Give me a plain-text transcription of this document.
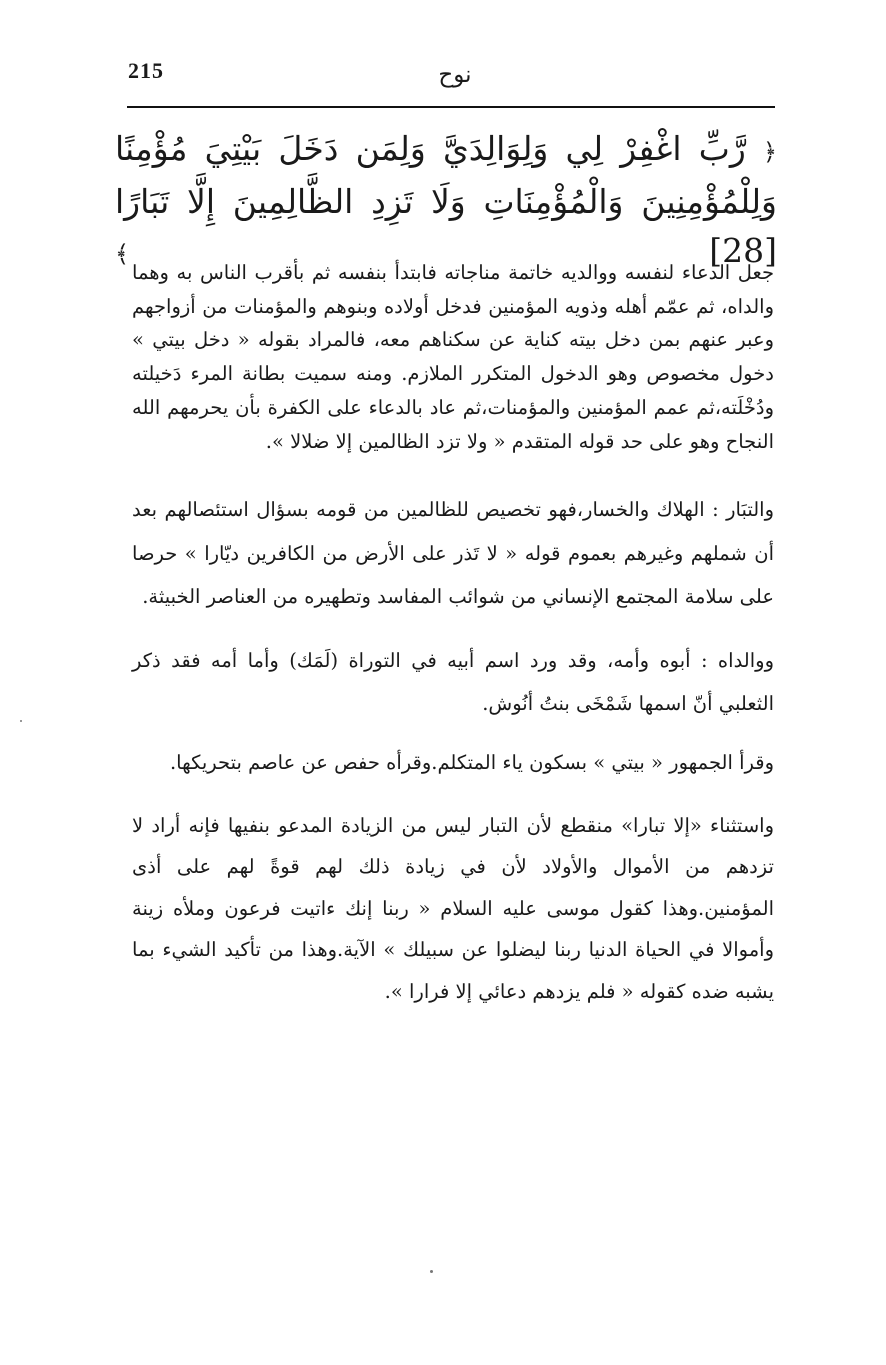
215	نوح
﴿ رَّبِّ اغْفِرْ لِي وَلِوَالِدَيَّ وَلِمَن دَخَلَ بَيْتِيَ مُؤْمِنًا وَلِلْمُؤْمِنِينَ وَالْمُؤْمِنَاتِ وَلَا تَزِدِ الظَّالِمِينَ إِلَّا تَبَارًا [28] ﴾

جعل الدعاء لنفسه ووالديه خاتمة مناجاته فابتدأ بنفسه ثم بأقرب الناس به وهما والداه، ثم عمّم أهله وذويه المؤمنين فدخل أولاده وبنوهم والمؤمنات من أزواجهم وعبر عنهم بمن دخل بيته كناية عن سكناهم معه، فالمراد بقوله « دخل بيتي » دخول مخصوص وهو الدخول المتكرر الملازم. ومنه سميت بطانة المرء دَخيلته ودُخْلَته،ثم عمم المؤمنين والمؤمنات،ثم عاد بالدعاء على الكفرة بأن يحرمهم الله النجاح وهو على حد قوله المتقدم « ولا تزد الظالمين إلا ضلالا ».

والتبَار : الهلاك والخسار،فهو تخصيص للظالمين من قومه بسؤال استئصالهم بعد أن شملهم وغيرهم بعموم قوله « لا تَذر على الأرض من الكافرين ديّارا » حرصا على سلامة المجتمع الإنساني من شوائب المفاسد وتطهيره من العناصر الخبيثة.

ووالداه : أبوه وأمه، وقد ورد اسم أبيه في التوراة (لَمَك) وأما أمه فقد ذكر الثعلبي أنّ اسمها شَمْخَى بنتُ أنُوش.

وقرأ الجمهور « بيتي » بسكون ياء المتكلم.وقرأه حفص عن عاصم بتحريكها.

واستثناء «إلا تبارا» منقطع لأن التبار ليس من الزيادة المدعو بنفيها فإنه أراد لا تزدهم من الأموال والأولاد لأن في زيادة ذلك لهم قوةً لهم على أذى المؤمنين.وهذا كقول موسى عليه السلام « ربنا إنك ءاتيت فرعون وملأه زينة وأموالا في الحياة الدنيا ربنا ليضلوا عن سبيلك » الآية.وهذا من تأكيد الشيء بما يشبه ضده كقوله « فلم يزدهم دعائي إلا فرارا ».
